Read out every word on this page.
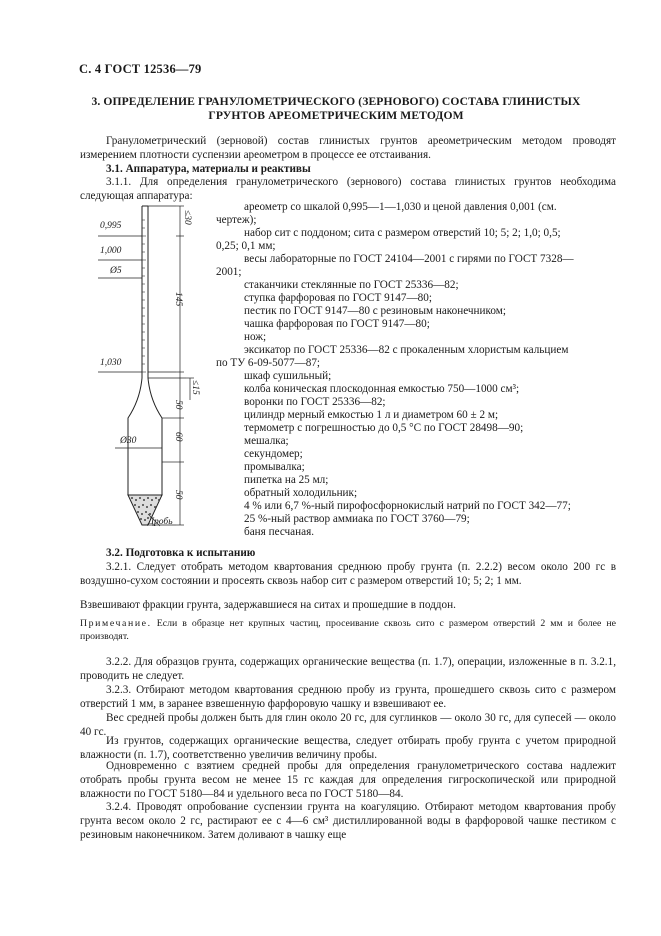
С. 4 ГОСТ 12536—79
3. ОПРЕДЕЛЕНИЕ ГРАНУЛОМЕТРИЧЕСКОГО (ЗЕРНОВОГО) СОСТАВА ГЛИНИСТЫХ
ГРУНТОВ АРЕОМЕТРИЧЕСКИМ МЕТОДОМ
Гранулометрический (зерновой) состав глинистых грунтов ареометрическим методом проводят измерением плотности суспензии ареометром в процессе ее отстаивания.
3.1. Аппаратура, материалы и реактивы
3.1.1. Для определения гранулометрического (зернового) состава глинистых грунтов необходима следующая аппаратура:
0,995
1,000
Ø5
1,030
Ø30
Дробь
≤30
145
≤15
50
60
50
ареометр со шкалой 0,995—1—1,030 и ценой давления 0,001 (см.
чертеж);
набор сит с поддоном; сита с размером отверстий 10; 5; 2; 1,0; 0,5;
0,25; 0,1 мм;
весы лабораторные по ГОСТ 24104—2001 с гирями по ГОСТ 7328—
2001;
стаканчики стеклянные по ГОСТ 25336—82;
ступка фарфоровая по ГОСТ 9147—80;
пестик по ГОСТ 9147—80 с резиновым наконечником;
чашка фарфоровая по ГОСТ 9147—80;
нож;
эксикатор по ГОСТ 25336—82 с прокаленным хлористым кальцием
по ТУ 6-09-5077—87;
шкаф сушильный;
колба коническая плоскодонная емкостью 750—1000 см³;
воронки по ГОСТ 25336—82;
цилиндр мерный емкостью 1 л и диаметром 60 ± 2 м;
термометр с погрешностью до 0,5 °С по ГОСТ 28498—90;
мешалка;
секундомер;
промывалка;
пипетка на 25 мл;
обратный холодильник;
4 % или 6,7 %-ный пирофосфорнокислый натрий по ГОСТ 342—77;
25 %-ный раствор аммиака по ГОСТ 3760—79;
баня песчаная.
3.2. Подготовка к испытанию
3.2.1. Следует отобрать методом квартования среднюю пробу грунта (п. 2.2.2) весом около 200 гс в воздушно-сухом состоянии и просеять сквозь набор сит с размером отверстий 10; 5; 2; 1 мм.
Взвешивают фракции грунта, задержавшиеся на ситах и прошедшие в поддон.
Примечание. Если в образце нет крупных частиц, просеивание сквозь сито с размером отверстий 2 мм и более не производят.
3.2.2. Для образцов грунта, содержащих органические вещества (п. 1.7), операции, изложенные в п. 3.2.1, проводить не следует.
3.2.3. Отбирают методом квартования среднюю пробу из грунта, прошедшего сквозь сито с размером отверстий 1 мм, в заранее взвешенную фарфоровую чашку и взвешивают ее.
Вес средней пробы должен быть для глин около 20 гс, для суглинков — около 30 гс, для супесей — около 40 гс.
Из грунтов, содержащих органические вещества, следует отбирать пробу грунта с учетом природной влажности (п. 1.7), соответственно увеличив величину пробы.
Одновременно с взятием средней пробы для определения гранулометрического состава надлежит отобрать пробы грунта весом не менее 15 гс каждая для определения гигроскопической или природной влажности по ГОСТ 5180—84 и удельного веса по ГОСТ 5180—84.
3.2.4. Проводят опробование суспензии грунта на коагуляцию. Отбирают методом квартования пробу грунта весом около 2 гс, растирают ее с 4—6 см³ дистиллированной воды в фарфоровой чашке пестиком с резиновым наконечником. Затем доливают в чашку еще
